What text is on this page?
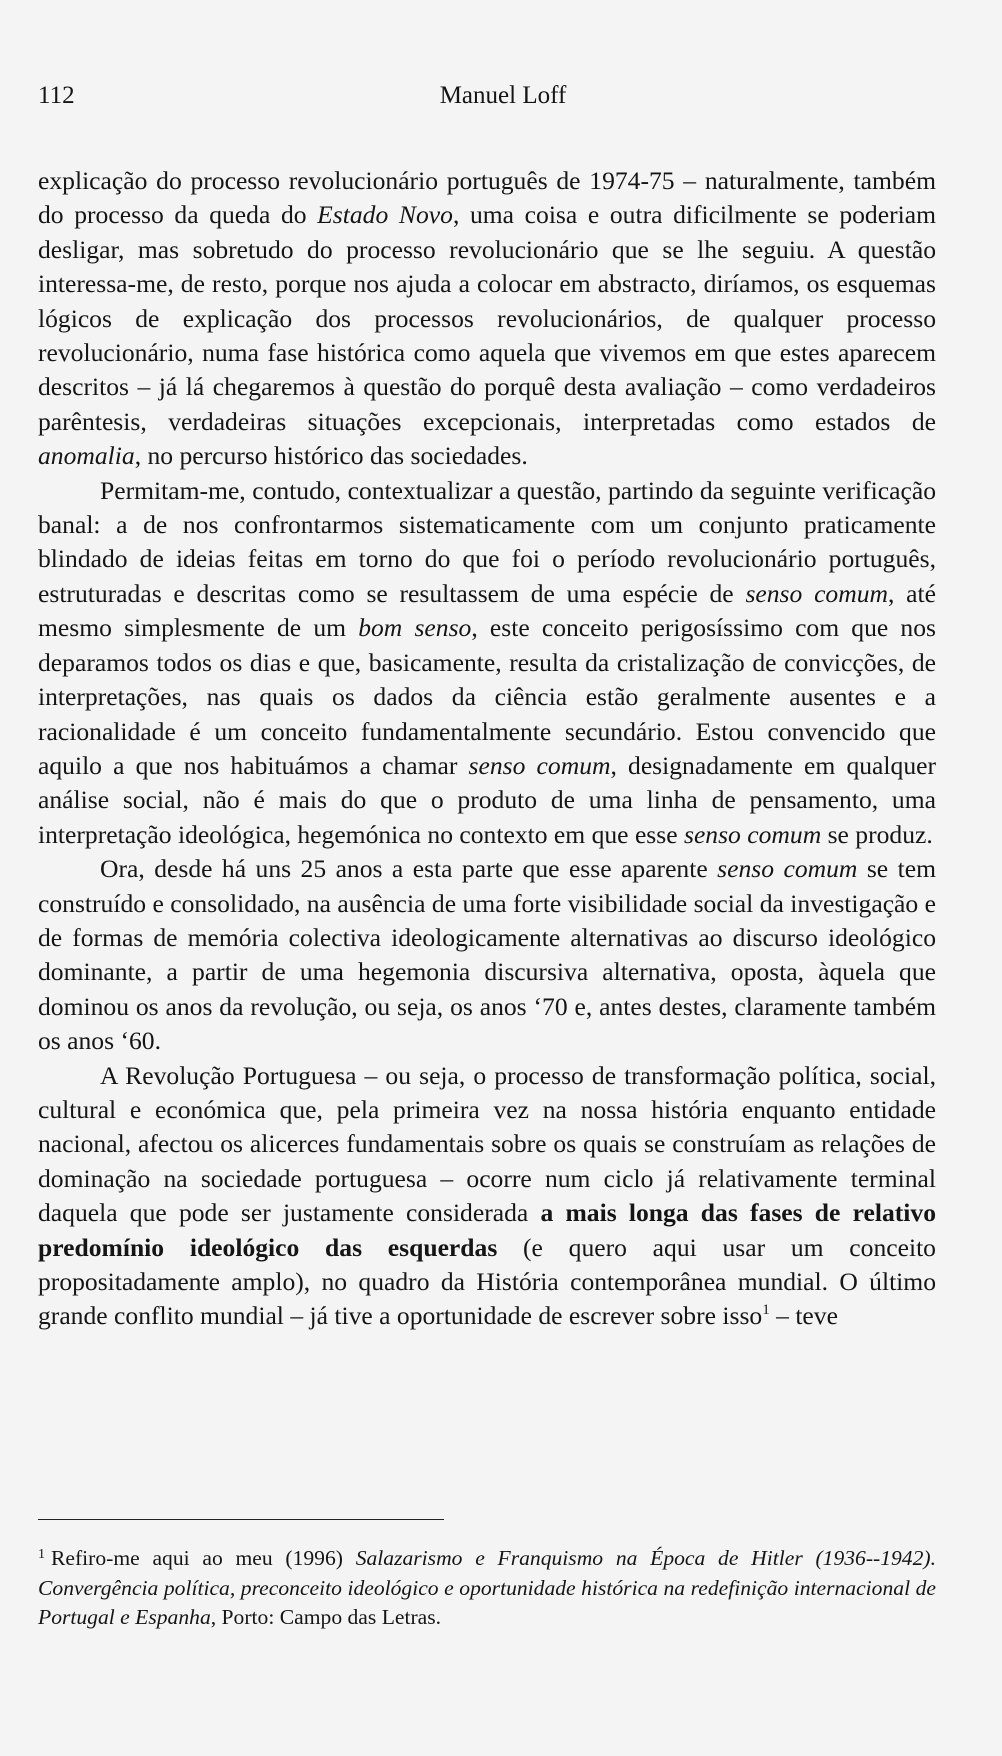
112	Manuel Loff

explicação do processo revolucionário português de 1974-75 – naturalmente, também do processo da queda do Estado Novo, uma coisa e outra dificilmente se poderiam desligar, mas sobretudo do processo revolucionário que se lhe seguiu. A questão interessa-me, de resto, porque nos ajuda a colocar em abstracto, diríamos, os esquemas lógicos de explicação dos processos revolucionários, de qualquer processo revolucionário, numa fase histórica como aquela que vivemos em que estes aparecem descritos – já lá chegaremos à questão do porquê desta avaliação – como verdadeiros parêntesis, verdadeiras situações excepcionais, interpretadas como estados de anomalia, no percurso histórico das sociedades.

Permitam-me, contudo, contextualizar a questão, partindo da seguinte verificação banal: a de nos confrontarmos sistematicamente com um conjunto praticamente blindado de ideias feitas em torno do que foi o período revolucionário português, estruturadas e descritas como se resultassem de uma espécie de senso comum, até mesmo simplesmente de um bom senso, este conceito perigosíssimo com que nos deparamos todos os dias e que, basicamente, resulta da cristalização de convicções, de interpretações, nas quais os dados da ciência estão geralmente ausentes e a racionalidade é um conceito fundamentalmente secundário. Estou convencido que aquilo a que nos habituámos a chamar senso comum, designadamente em qualquer análise social, não é mais do que o produto de uma linha de pensamento, uma interpretação ideológica, hegemónica no contexto em que esse senso comum se produz.

Ora, desde há uns 25 anos a esta parte que esse aparente senso comum se tem construído e consolidado, na ausência de uma forte visibilidade social da investigação e de formas de memória colectiva ideologicamente alternativas ao discurso ideológico dominante, a partir de uma hegemonia discursiva alternativa, oposta, àquela que dominou os anos da revolução, ou seja, os anos ‘70 e, antes destes, claramente também os anos ‘60.

A Revolução Portuguesa – ou seja, o processo de transformação política, social, cultural e económica que, pela primeira vez na nossa história enquanto entidade nacional, afectou os alicerces fundamentais sobre os quais se construíam as relações de dominação na sociedade portuguesa – ocorre num ciclo já relativamente terminal daquela que pode ser justamente considerada a mais longa das fases de relativo predomínio ideológico das esquerdas (e quero aqui usar um conceito propositadamente amplo), no quadro da História contemporânea mundial. O último grande conflito mundial – já tive a oportunidade de escrever sobre isso$^1$ – teve

$^1$ Refiro-me aqui ao meu (1996) Salazarismo e Franquismo na Época de Hitler (1936--1942). Convergência política, preconceito ideológico e oportunidade histórica na redefinição internacional de Portugal e Espanha, Porto: Campo das Letras.
